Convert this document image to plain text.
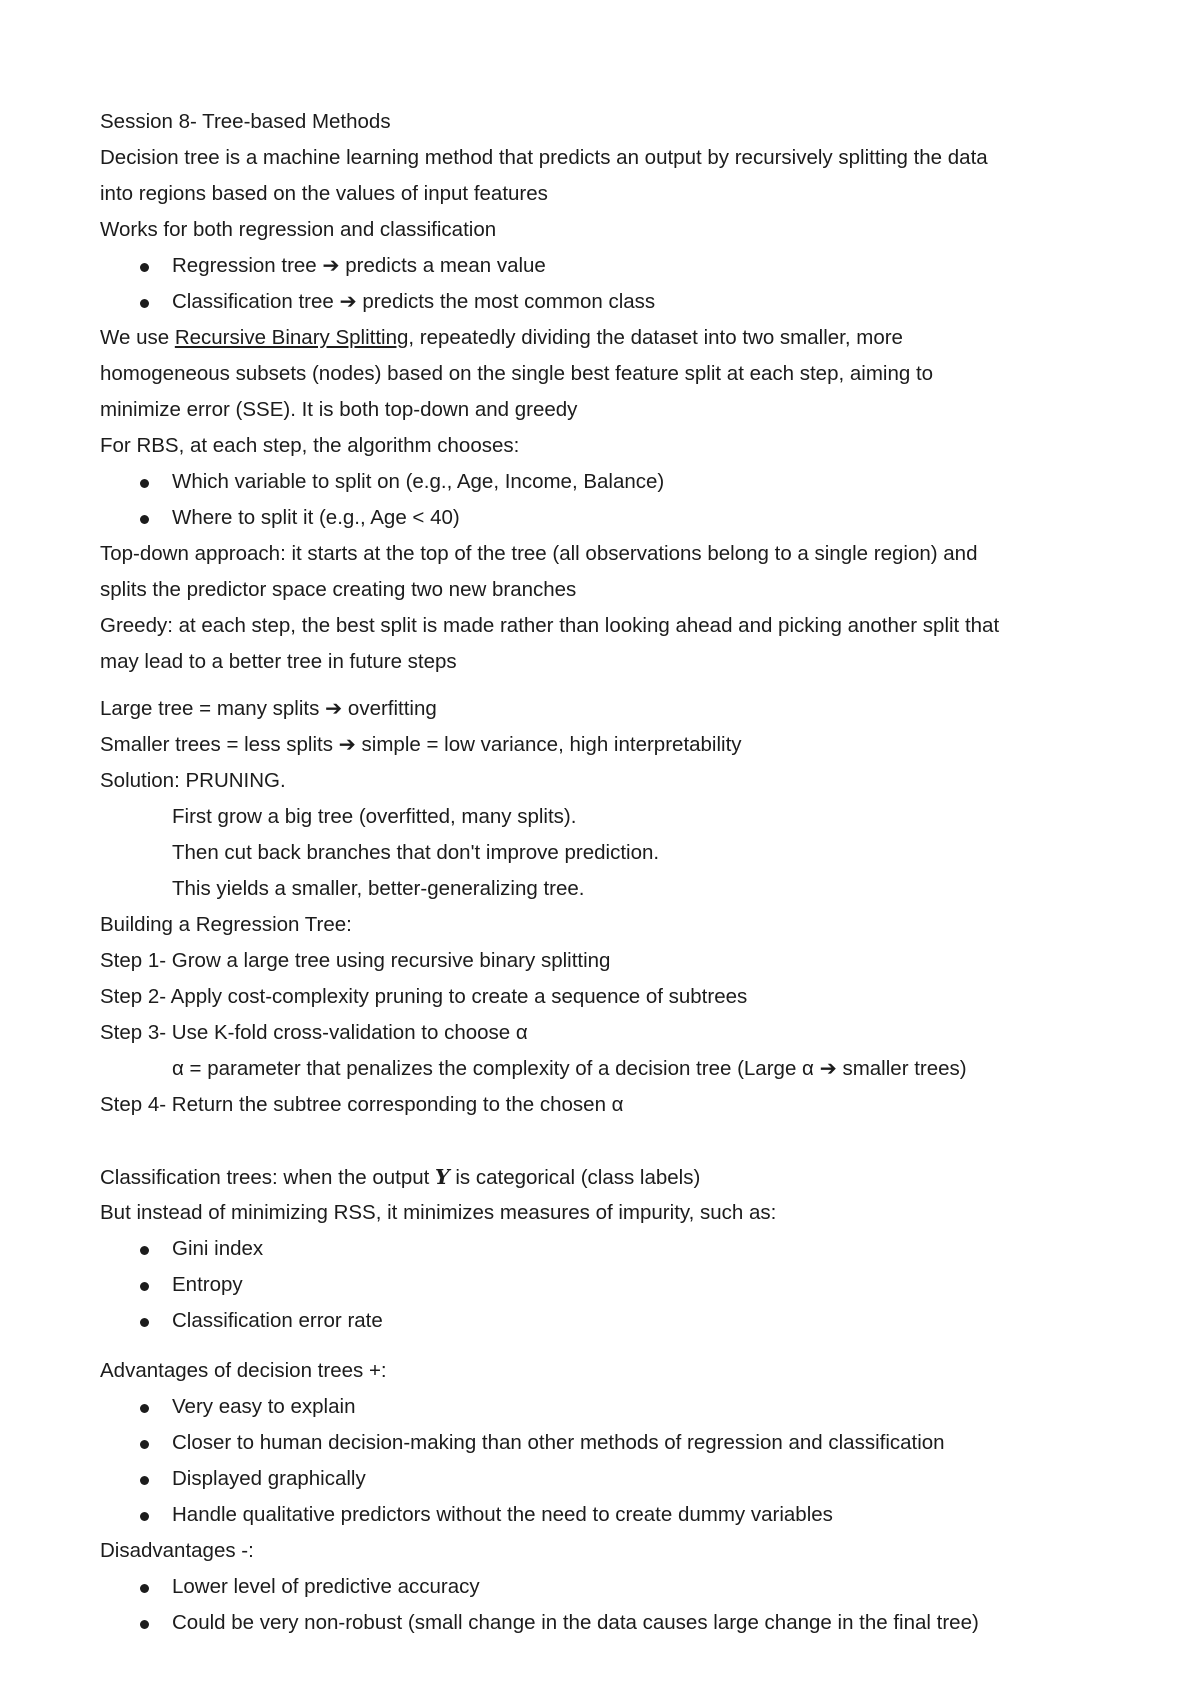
Session 8- Tree-based Methods
Decision tree is a machine learning method that predicts an output by recursively splitting the data
into regions based on the values of input features
Works for both regression and classification
Regression tree ➔ predicts a mean value
Classification tree ➔ predicts the most common class
We use Recursive Binary Splitting, repeatedly dividing the dataset into two smaller, more
homogeneous subsets (nodes) based on the single best feature split at each step, aiming to
minimize error (SSE). It is both top-down and greedy
For RBS, at each step, the algorithm chooses:
Which variable to split on (e.g., Age, Income, Balance)
Where to split it (e.g., Age < 40)
Top-down approach: it starts at the top of the tree (all observations belong to a single region) and
splits the predictor space creating two new branches
Greedy: at each step, the best split is made rather than looking ahead and picking another split that
may lead to a better tree in future steps
Large tree = many splits ➔ overfitting
Smaller trees = less splits ➔ simple = low variance, high interpretability
Solution: PRUNING.
First grow a big tree (overfitted, many splits).
Then cut back branches that don't improve prediction.
This yields a smaller, better-generalizing tree.
Building a Regression Tree:
Step 1- Grow a large tree using recursive binary splitting
Step 2- Apply cost-complexity pruning to create a sequence of subtrees
Step 3- Use K-fold cross-validation to choose α
α = parameter that penalizes the complexity of a decision tree (Large α ➔ smaller trees)
Step 4- Return the subtree corresponding to the chosen α
Classification trees: when the output Y is categorical (class labels)
But instead of minimizing RSS, it minimizes measures of impurity, such as:
Gini index
Entropy
Classification error rate
Advantages of decision trees +:
Very easy to explain
Closer to human decision-making than other methods of regression and classification
Displayed graphically
Handle qualitative predictors without the need to create dummy variables
Disadvantages -:
Lower level of predictive accuracy
Could be very non-robust (small change in the data causes large change in the final tree)
